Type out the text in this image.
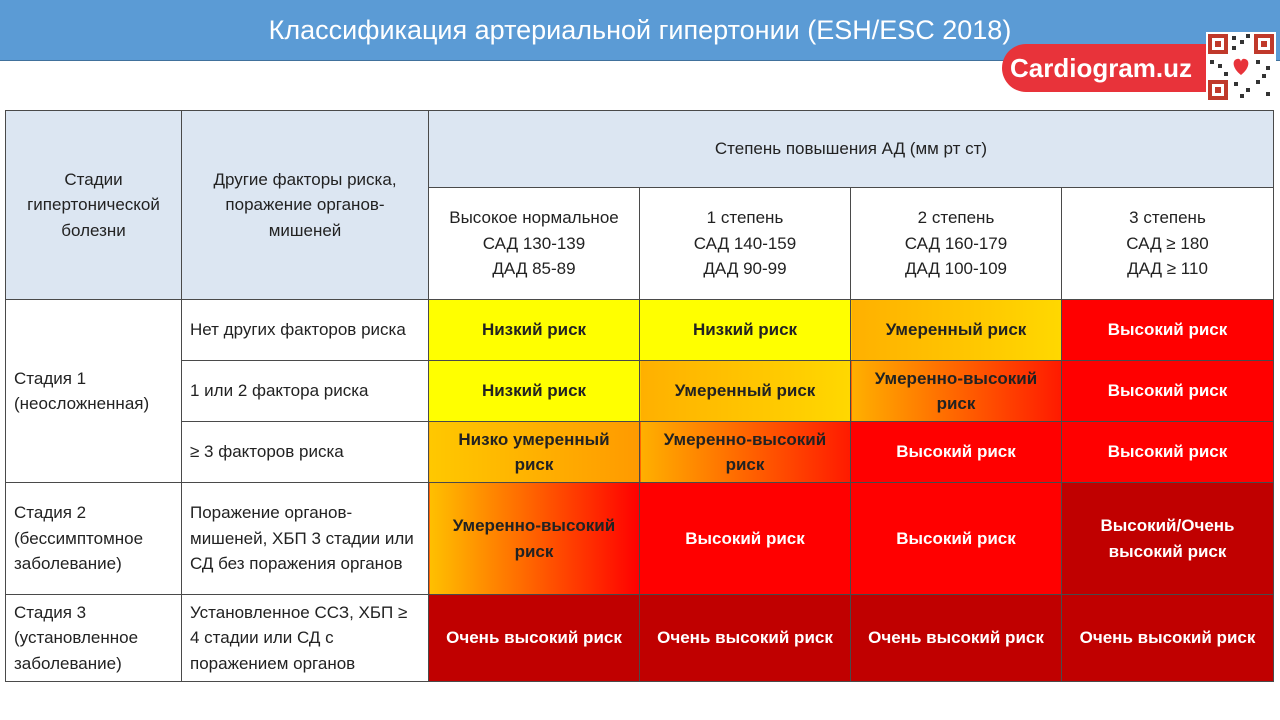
Классификация артериальной гипертонии (ESH/ESC 2018)
Cardiogram.uz
Стадии гипертонической болезни	Другие факторы риска, поражение органов-мишеней	Степень повышения АД (мм рт ст)			
		Высокое нормальное
САД 130-139
ДАД 85-89	1 степень
САД 140-159
ДАД 90-99	2 степень
САД 160-179
ДАД 100-109	3 степень
САД ≥ 180
ДАД ≥ 110
Стадия 1 (неосложненная)	Нет других факторов риска	Низкий риск	Низкий риск	Умеренный риск	Высокий риск
	1 или 2 фактора риска	Низкий риск	Умеренный риск	Умеренно-высокий риск	Высокий риск
	≥ 3 факторов риска	Низко умеренный риск	Умеренно-высокий риск	Высокий риск	Высокий риск
Стадия 2 (бессимптомное заболевание)	Поражение органов-мишеней, ХБП 3 стадии или СД без поражения органов	Умеренно-высокий риск	Высокий риск	Высокий риск	Высокий/Очень высокий риск
Стадия 3 (установленное заболевание)	Установленное ССЗ, ХБП ≥ 4 стадии или СД с поражением органов	Очень высокий риск	Очень высокий риск	Очень высокий риск	Очень высокий риск
